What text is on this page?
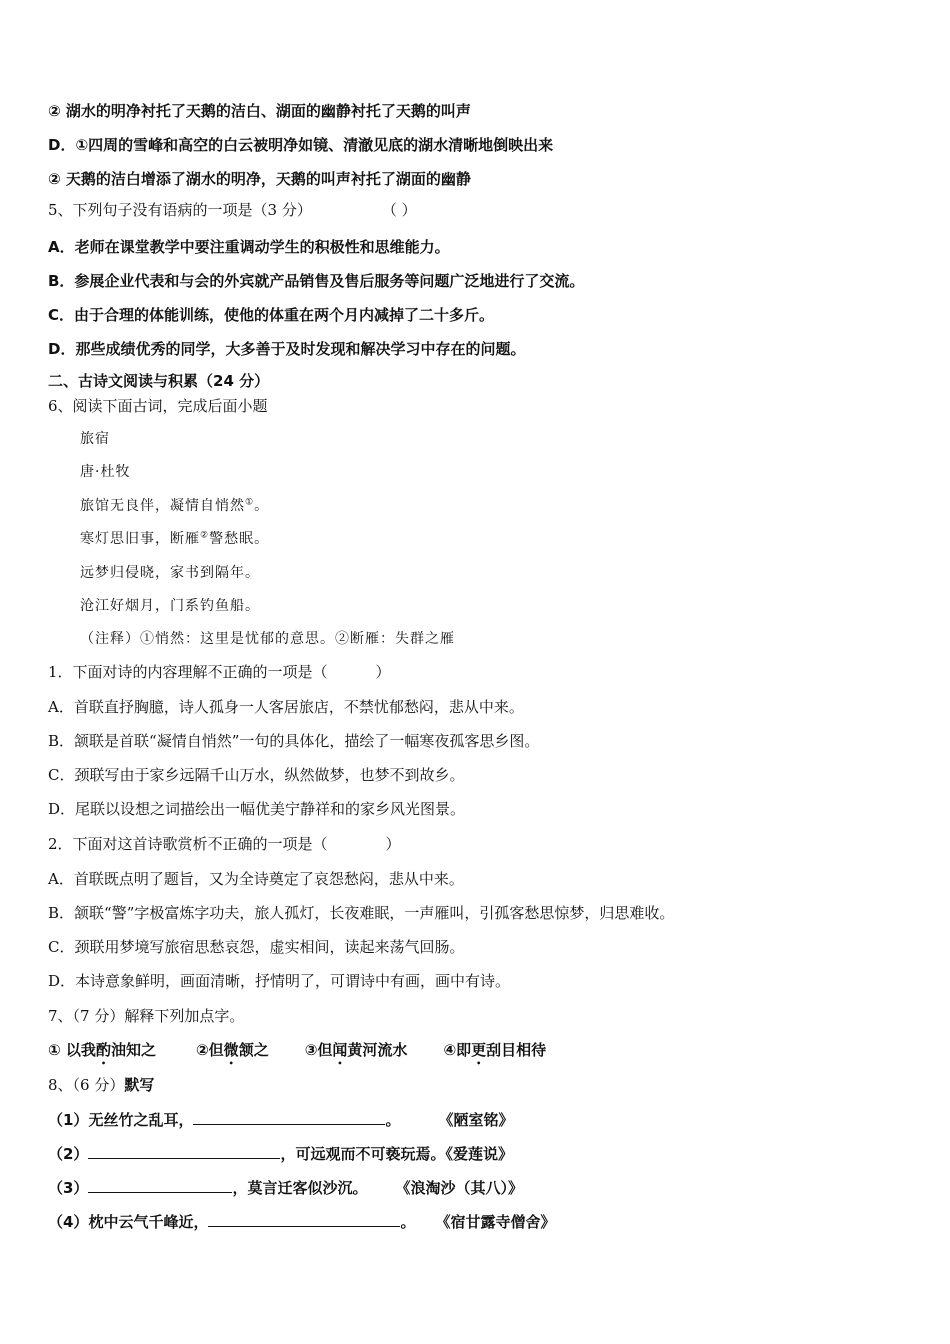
② 湖水的明净衬托了天鹅的洁白、湖面的幽静衬托了天鹅的叫声
D．①四周的雪峰和高空的白云被明净如镜、清澈见底的湖水清晰地倒映出来
② 天鹅的洁白增添了湖水的明净，天鹅的叫声衬托了湖面的幽静
5、下列句子没有语病的一项是（3 分）	（ ）
A．老师在课堂教学中要注重调动学生的积极性和思维能力。
B．参展企业代表和与会的外宾就产品销售及售后服务等问题广泛地进行了交流。
C．由于合理的体能训练，使他的体重在两个月内减掉了二十多斤。
D．那些成绩优秀的同学，大多善于及时发现和解决学习中存在的问题。
二、古诗文阅读与积累（24 分）
6、阅读下面古词，完成后面小题
旅宿
唐·杜牧
旅馆无良伴，凝情自悄然①。
寒灯思旧事，断雁②警愁眠。
远梦归侵晓，家书到隔年。
沧江好烟月，门系钓鱼船。
（注释）①悄然：这里是忧郁的意思。②断雁：失群之雁
1．下面对诗的内容理解不正确的一项是（	）
A．首联直抒胸臆，诗人孤身一人客居旅店，不禁忧郁愁闷，悲从中来。
B．颔联是首联“凝情自悄然”一句的具体化，描绘了一幅寒夜孤客思乡图。
C．颈联写由于家乡远隔千山万水，纵然做梦，也梦不到故乡。
D．尾联以设想之词描绘出一幅优美宁静祥和的家乡风光图景。
2．下面对这首诗歌赏析不正确的一项是（	）
A．首联既点明了题旨，又为全诗奠定了哀怨愁闷，悲从中来。
B．颔联“警”字极富炼字功夫，旅人孤灯，长夜难眠，一声雁叫，引孤客愁思惊梦，归思难收。
C．颈联用梦境写旅宿思愁哀怨，虚实相间，读起来荡气回肠。
D．本诗意象鲜明，画面清晰，抒情明了，可谓诗中有画，画中有诗。
7、（7 分）解释下列加点字。
① 以我酌油知之	②但微颔之 ③但闻黄河流水 ④即更刮目相待
8、（6 分）默写
（1）无丝竹之乱耳，	。	《陋室铭》
（2）	，可远观而不可亵玩焉。《爱莲说》
（3）	，莫言迁客似沙沉。 《浪淘沙（其八）》
（4）枕中云气千峰近，	。 《宿甘露寺僧舍》
